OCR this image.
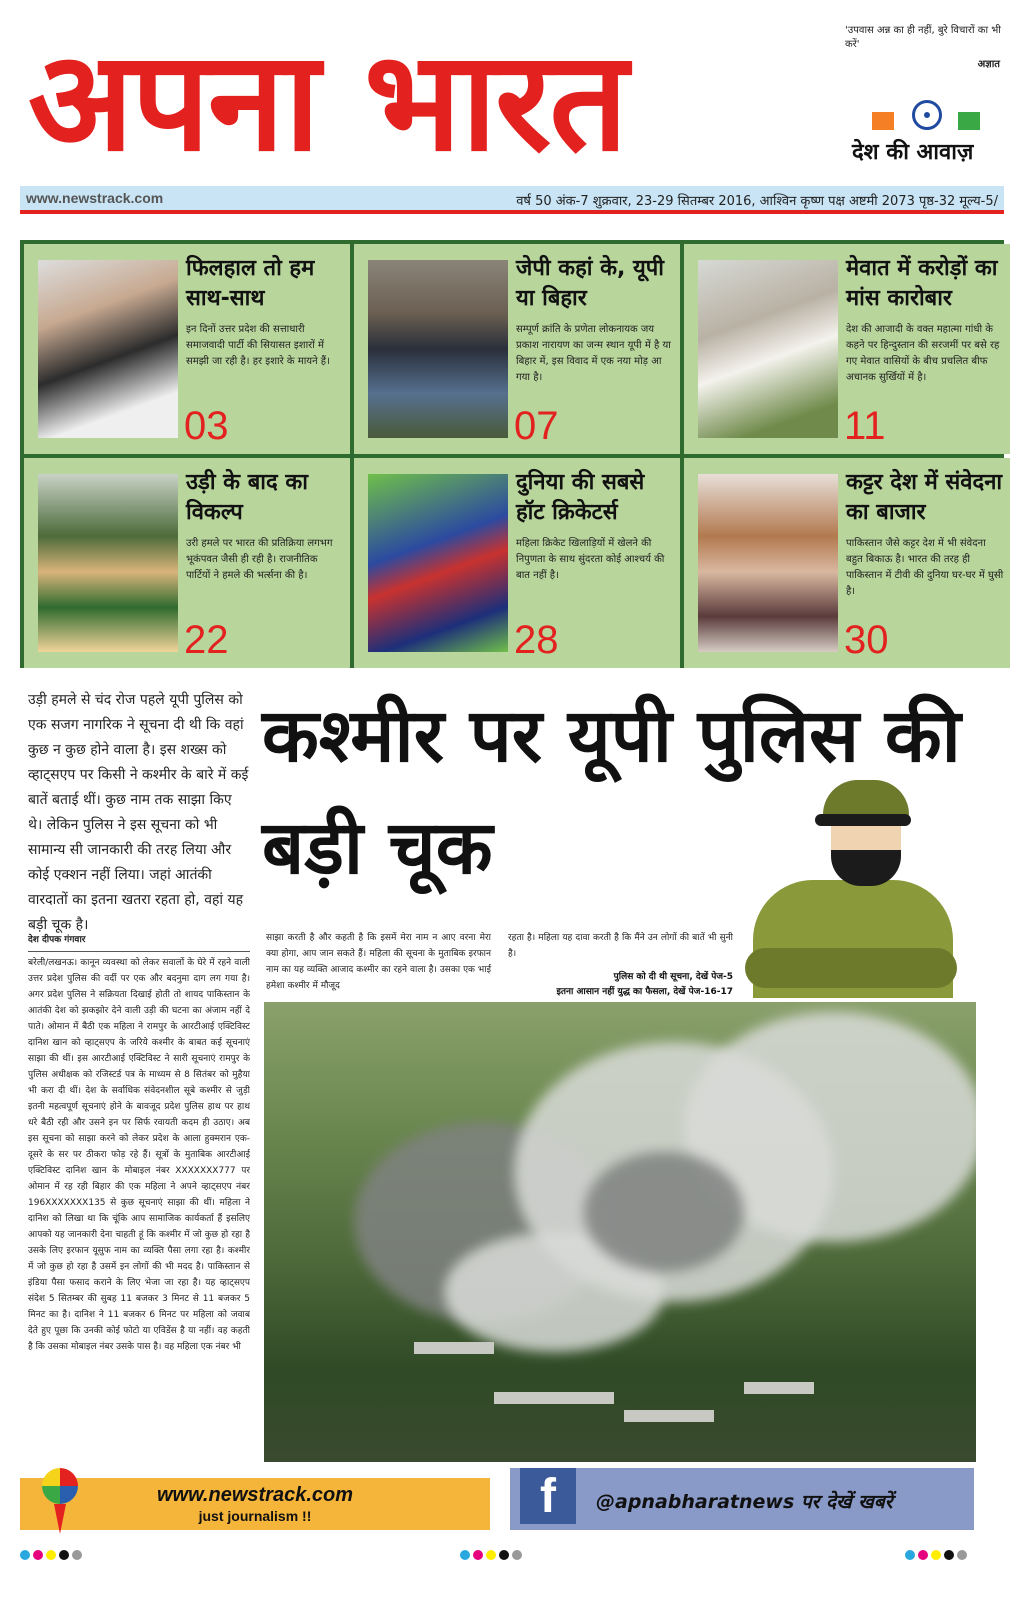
अपना भारत	'उपवास अन्न का ही नहीं, बुरे विचारों का भी करें'
अज्ञात
देश की आवाज़
www.newstrack.com	वर्ष 50 अंक-7 शुक्रवार, 23-29 सितम्बर 2016, आश्विन कृष्ण पक्ष अष्टमी 2073 पृष्ठ-32 मूल्य-5/
फिलहाल तो हम साथ-साथ
इन दिनों उत्तर प्रदेश की सत्ताधारी समाजवादी पार्टी की सियासत इशारों में समझी जा रही है। हर इशारे के मायने हैं।
03
जेपी कहां के, यूपी या बिहार
सम्पूर्ण क्रांति के प्रणेता लोकनायक जय प्रकाश नारायण का जन्म स्थान यूपी में है या बिहार में, इस विवाद में एक नया मोड़ आ गया है।
07
मेवात में करोड़ों का मांस कारोबार
देश की आजादी के वक्त महात्मा गांधी के कहने पर हिन्दुस्तान की सरजमीं पर बसे रह गए मेवात वासियों के बीच प्रचलित बीफ अचानक सुर्खियों में है।
11
उड़ी के बाद का विकल्प
उरी हमले पर भारत की प्रतिक्रिया लगभग भूकंपवत जैसी ही रही है। राजनीतिक पार्टियों ने हमले की भर्त्सना की है।
22
दुनिया की सबसे हॉट क्रिकेटर्स
महिला क्रिकेट खिलाड़ियों में खेलने की निपुणता के साथ सुंदरता कोई आश्चर्य की बात नहीं है।
28
कट्टर देश में संवेदना का बाजार
पाकिस्तान जैसे कट्टर देश में भी संवेदना बहुत बिकाऊ है। भारत की तरह ही पाकिस्तान में टीवी की दुनिया घर-घर में घुसी है।
30
उड़ी हमले से चंद रोज पहले यूपी पुलिस को एक सजग नागरिक ने सूचना दी थी कि वहां कुछ न कुछ होने वाला है। इस शख्स को व्हाट्सएप पर किसी ने कश्मीर के बारे में कई बातें बताई थीं। कुछ नाम तक साझा किए थे। लेकिन पुलिस ने इस सूचना को भी सामान्य सी जानकारी की तरह लिया और कोई एक्शन नहीं लिया। जहां आतंकी वारदातों का इतना खतरा रहता हो, वहां यह बड़ी चूक है।
कश्मीर पर यूपी पुलिस की बड़ी चूक
देश दीपक गंगवार
बरेली/लखनऊ। कानून व्यवस्था को लेकर सवालों के घेरे में रहने वाली उत्तर प्रदेश पुलिस की वर्दी पर एक और बदनुमा दाग लग गया है। अगर प्रदेश पुलिस ने सक्रियता दिखाई होती तो शायद पाकिस्तान के आतंकी देश को झकझोर देने वाली उड़ी की घटना का अंजाम नहीं दे पाते। ओमान में बैठी एक महिला ने रामपुर के आरटीआई एक्टिविस्ट दानिश खान को व्हाट्सएप के जरिये कश्मीर के बाबत कई सूचनाएं साझा की थीं। इस आरटीआई एक्टिविस्ट ने सारी सूचनाएं रामपुर के पुलिस अधीक्षक को रजिस्टर्ड पत्र के माध्यम से 8 सितंबर को मुहैया भी करा दी थीं। देश के सर्वाधिक संवेदनशील सूबे कश्मीर से जुड़ी इतनी महत्वपूर्ण सूचनाएं होने के बावजूद प्रदेश पुलिस हाथ पर हाथ धरे बैठी रही और उसने इन पर सिर्फ रवायती कदम ही उठाए। अब इस सूचना को साझा करने को लेकर प्रदेश के आला हुक्मरान एक-दूसरे के सर पर ठीकरा फोड़ रहे हैं। सूत्रों के मुताबिक आरटीआई एक्टिविस्ट दानिश खान के मोबाइल नंबर XXXXXXX777 पर ओमान में रह रही बिहार की एक महिला ने अपने व्हाट्सएप नंबर 196XXXXXXX135 से कुछ सूचनाएं साझा की थीं। महिला ने दानिश को लिखा था कि चूंकि आप सामाजिक कार्यकर्ता हैं इसलिए आपको यह जानकारी देना चाहती हूं कि कश्मीर में जो कुछ हो रहा है उसके लिए इरफान यूसुफ नाम का व्यक्ति पैसा लगा रहा है। कश्मीर में जो कुछ हो रहा है उसमें इन लोगों की भी मदद है। पाकिस्तान से इंडिया पैसा फसाद कराने के लिए भेजा जा रहा है। यह व्हाट्सएप संदेश 5 सितम्बर की सुबह 11 बजकर 3 मिनट से 11 बजकर 5 मिनट का है। दानिश ने 11 बजकर 6 मिनट पर महिला को जवाब देते हुए पूछा कि उनकी कोई फोटो या एविडेंस है या नहीं। वह कहती है कि उसका मोबाइल नंबर उसके पास है। वह महिला एक नंबर भी
साझा करती है और कहती है कि इसमें मेरा नाम न आए वरना मेरा क्या होगा, आप जान सकते हैं। महिला की सूचना के मुताबिक इरफान नाम का यह व्यक्ति आजाद कश्मीर का रहने वाला है। उसका एक भाई हमेशा कश्मीर में मौजूद
रहता है। महिला यह दावा करती है कि मैंने उन लोगों की बातें भी सुनी है।
पुलिस को दी थी सूचना, देखें पेज-5
इतना आसान नहीं युद्ध का फैसला, देखें पेज-16-17
www.newstrack.com
just journalism !!	f	@apnabharatnews पर देखें खबरें
